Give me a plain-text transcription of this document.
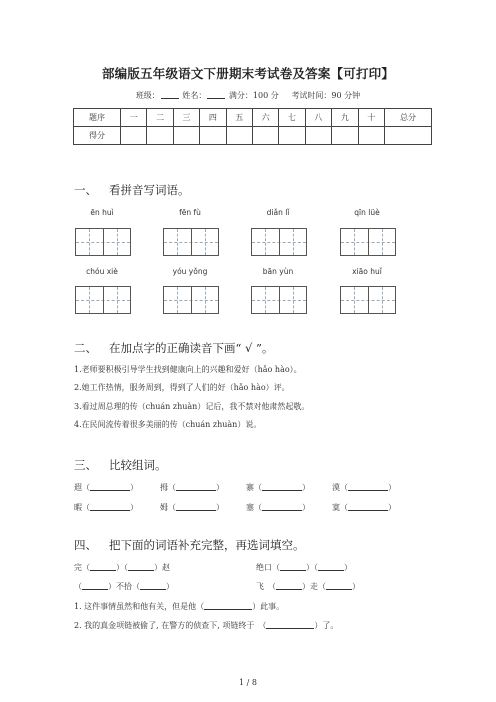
部编版五年级语文下册期末考试卷及答案【可打印】
班级：	姓名：	满分：100 分 考试时间：90 分钟
题序	一	二	三	四	五	六	七	八	九	十	总分
得分											
一、 看拼音写词语。
ēn huì	fēn fù	diǎn lǐ	qīn lüè
chóu xiè	yóu yǒng	bān yùn	xiāo huǐ
二、 在加点字的正确读音下画“ √ ”。
1.老师要积极引导学生找到健康向上的兴趣和爱好（hǎo hào）。
2.她工作热情，服务周到，得到了人们的好（hǎo hào）评。
3.看过周总理的传（chuán zhuàn）记后，我不禁对他肃然起敬。
4.在民间流传着很多美丽的传（chuán zhuàn）说。
三、 比较组词。
遐（	）	拇（	）	寨（	）	漠（	）
暇（	）	姆（	）	塞（	）	寞（	）
四、 把下面的词语补充完整，再选词填空。
完（	）（	）赵	绝口（	）（	）
（	）不拾（	）	飞　（	）走（	）
1. 这件事情虽然和他有关，但是他（	）此事。
2. 我的真金项链被偷了, 在警方的侦查下, 项链终于　（	）了。
1 / 8
